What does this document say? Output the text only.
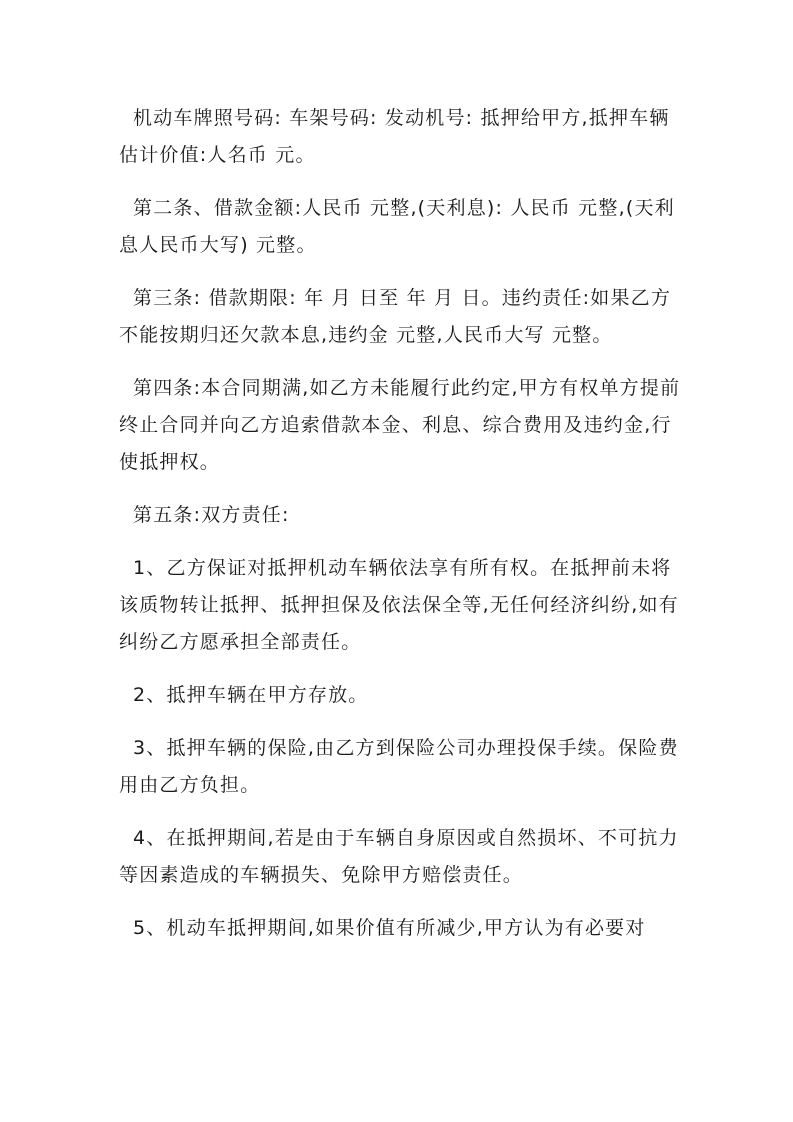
机动车牌照号码: 车架号码: 发动机号: 抵押给甲方,抵押车辆估计价值:人名币 元。

第二条、借款金额:人民币 元整,(天利息): 人民币 元整,(天利息人民币大写) 元整。

第三条: 借款期限: 年 月 日至 年 月 日。违约责任:如果乙方不能按期归还欠款本息,违约金 元整,人民币大写 元整。

第四条:本合同期满,如乙方未能履行此约定,甲方有权单方提前终止合同并向乙方追索借款本金、利息、综合费用及违约金,行使抵押权。

第五条:双方责任:

1、乙方保证对抵押机动车辆依法享有所有权。在抵押前未将该质物转让抵押、抵押担保及依法保全等,无任何经济纠纷,如有纠纷乙方愿承担全部责任。

2、抵押车辆在甲方存放。

3、抵押车辆的保险,由乙方到保险公司办理投保手续。保险费用由乙方负担。

4、在抵押期间,若是由于车辆自身原因或自然损坏、不可抗力等因素造成的车辆损失、免除甲方赔偿责任。

5、机动车抵押期间,如果价值有所减少,甲方认为有必要对
